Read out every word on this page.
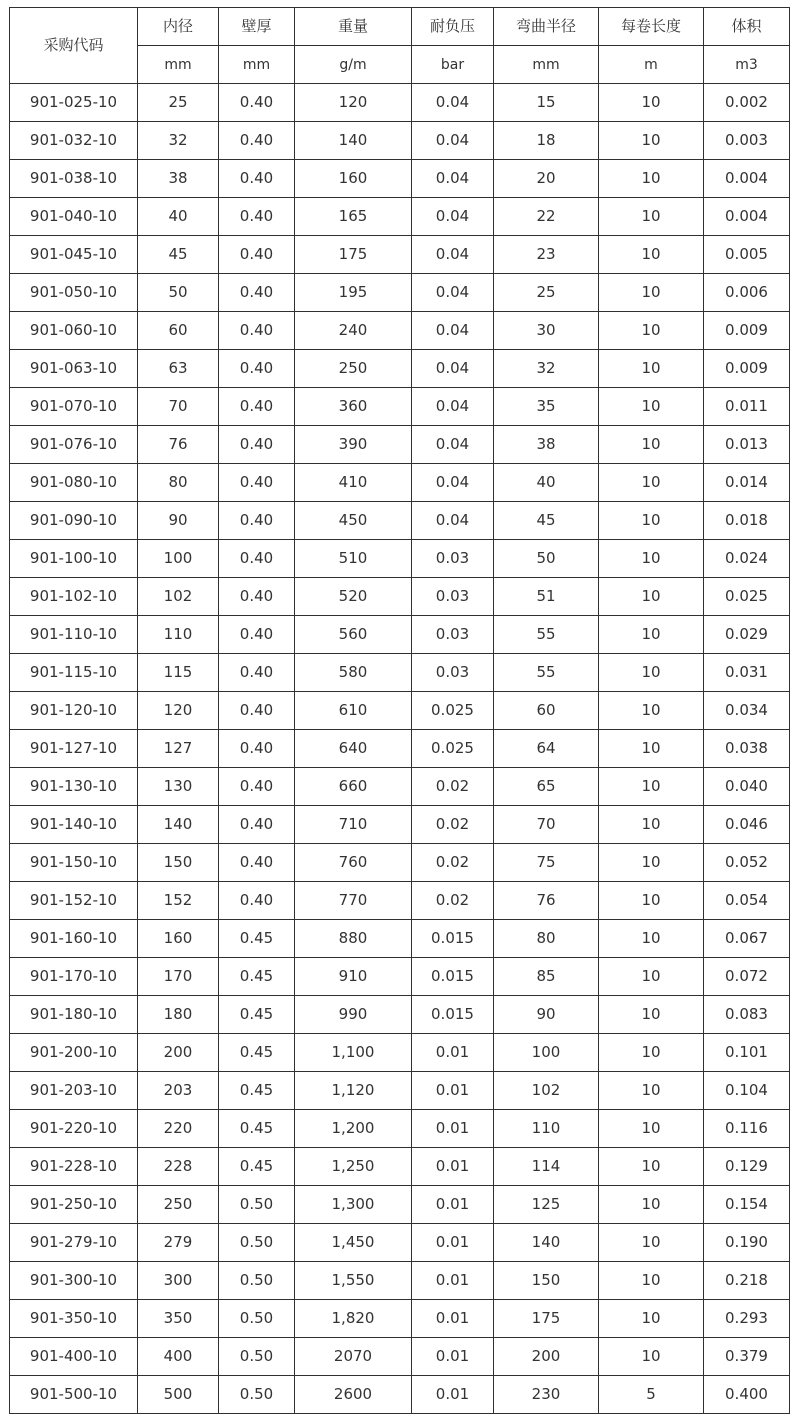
采购代码	内径	壁厚	重量	耐负压	弯曲半径	每卷长度	体积
	mm	mm	g/m	bar	mm	m	m3
901-025-10	25	0.40	120	0.04	15	10	0.002
901-032-10	32	0.40	140	0.04	18	10	0.003
901-038-10	38	0.40	160	0.04	20	10	0.004
901-040-10	40	0.40	165	0.04	22	10	0.004
901-045-10	45	0.40	175	0.04	23	10	0.005
901-050-10	50	0.40	195	0.04	25	10	0.006
901-060-10	60	0.40	240	0.04	30	10	0.009
901-063-10	63	0.40	250	0.04	32	10	0.009
901-070-10	70	0.40	360	0.04	35	10	0.011
901-076-10	76	0.40	390	0.04	38	10	0.013
901-080-10	80	0.40	410	0.04	40	10	0.014
901-090-10	90	0.40	450	0.04	45	10	0.018
901-100-10	100	0.40	510	0.03	50	10	0.024
901-102-10	102	0.40	520	0.03	51	10	0.025
901-110-10	110	0.40	560	0.03	55	10	0.029
901-115-10	115	0.40	580	0.03	55	10	0.031
901-120-10	120	0.40	610	0.025	60	10	0.034
901-127-10	127	0.40	640	0.025	64	10	0.038
901-130-10	130	0.40	660	0.02	65	10	0.040
901-140-10	140	0.40	710	0.02	70	10	0.046
901-150-10	150	0.40	760	0.02	75	10	0.052
901-152-10	152	0.40	770	0.02	76	10	0.054
901-160-10	160	0.45	880	0.015	80	10	0.067
901-170-10	170	0.45	910	0.015	85	10	0.072
901-180-10	180	0.45	990	0.015	90	10	0.083
901-200-10	200	0.45	1,100	0.01	100	10	0.101
901-203-10	203	0.45	1,120	0.01	102	10	0.104
901-220-10	220	0.45	1,200	0.01	110	10	0.116
901-228-10	228	0.45	1,250	0.01	114	10	0.129
901-250-10	250	0.50	1,300	0.01	125	10	0.154
901-279-10	279	0.50	1,450	0.01	140	10	0.190
901-300-10	300	0.50	1,550	0.01	150	10	0.218
901-350-10	350	0.50	1,820	0.01	175	10	0.293
901-400-10	400	0.50	2070	0.01	200	10	0.379
901-500-10	500	0.50	2600	0.01	230	5	0.400
